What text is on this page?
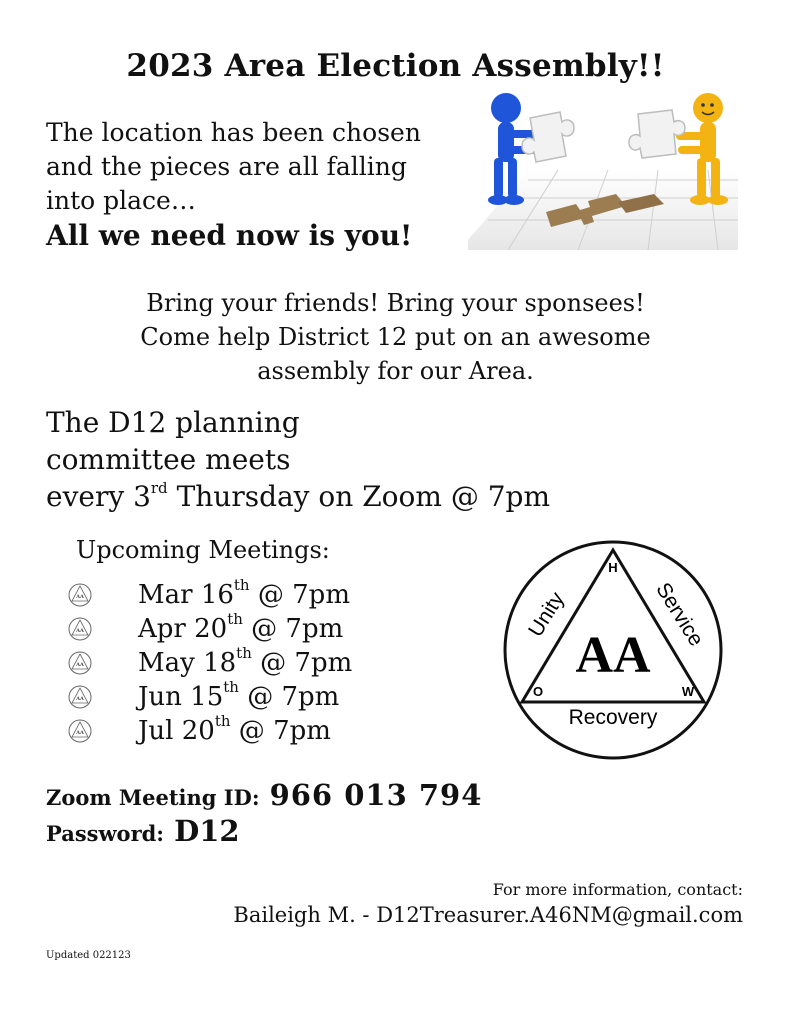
2023 Area Election Assembly!!
The location has been chosen
and the pieces are all falling
into place…
All we need now is you!
Bring your friends! Bring your sponsees!
Come help District 12 put on an awesome
assembly for our Area.
The D12 planning
committee meets
every 3rd Thursday on Zoom @ 7pm
Upcoming Meetings:
AA Mar 16th @ 7pm
AA Apr 20th @ 7pm
AA May 18th @ 7pm
AA Jun 15th @ 7pm
AA Jul 20th @ 7pm
H
O	W
AA
Unity	Service
Recovery
Zoom Meeting ID: 966 013 794
Password: D12
For more information, contact:
Baileigh M. - D12Treasurer.A46NM@gmail.com
Updated 022123
